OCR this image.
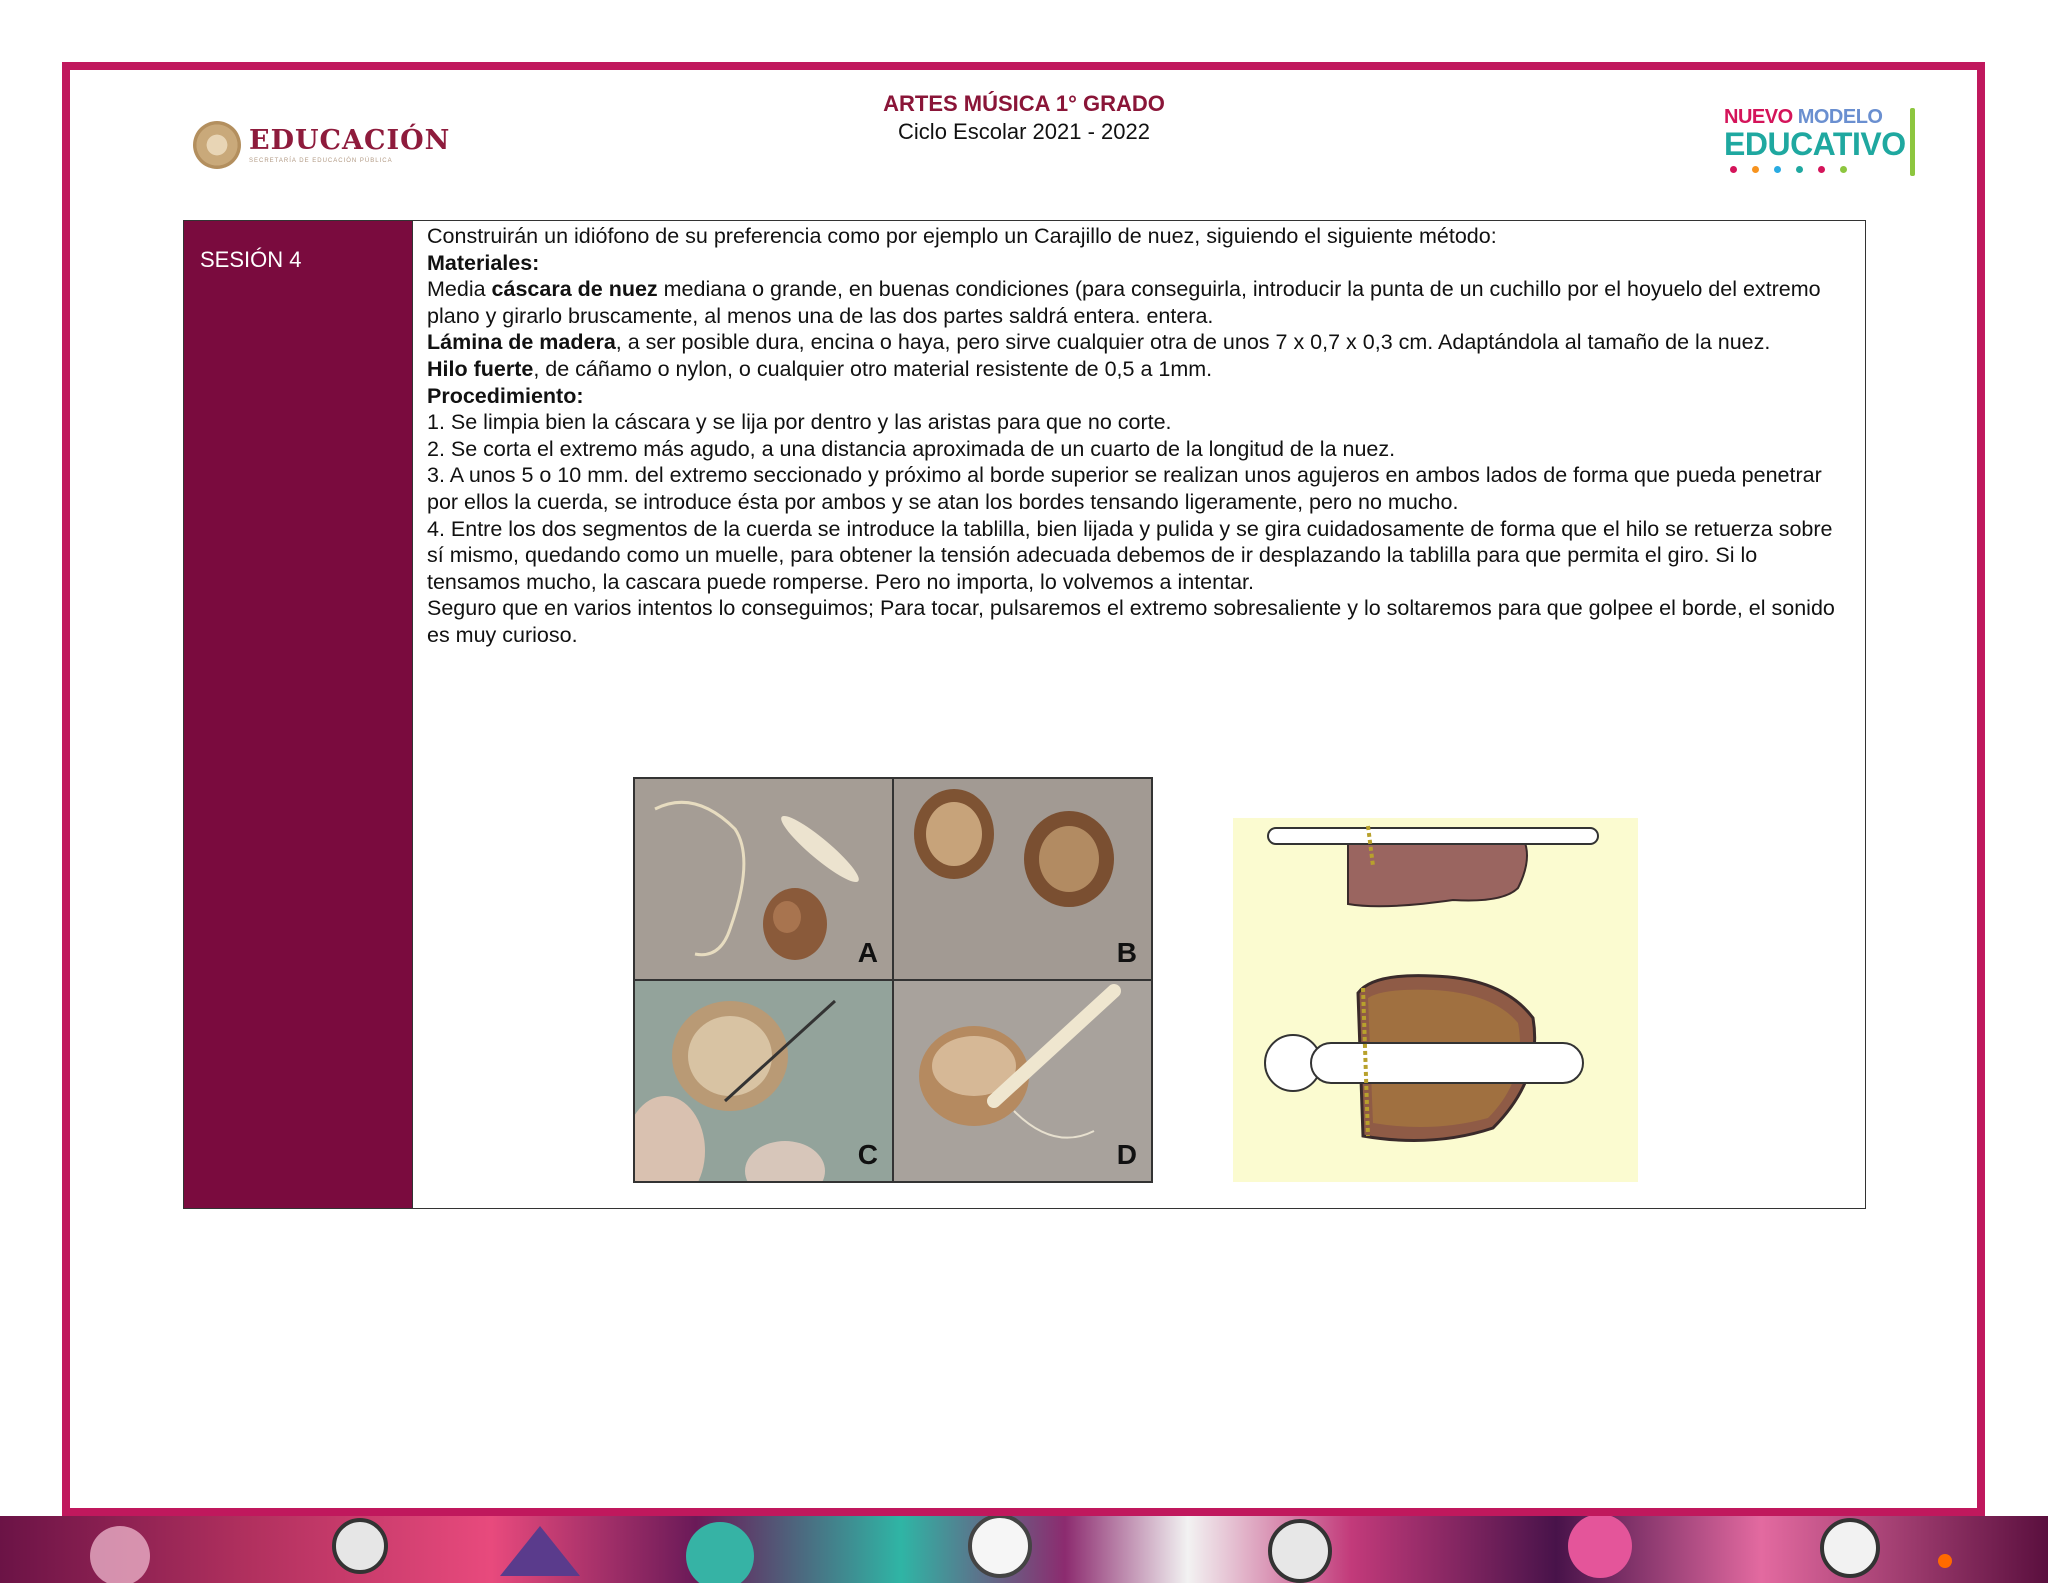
EDUCACIÓN
SECRETARÍA DE EDUCACIÓN PÚBLICA
ARTES MÚSICA 1° GRADO
Ciclo Escolar 2021 - 2022
NUEVO MODELO
EDUCATIVO
SESIÓN 4

Construirán un idiófono de su preferencia como por ejemplo un Carajillo de nuez, siguiendo el siguiente método:

Materiales:

Media cáscara de nuez mediana o grande, en buenas condiciones (para conseguirla, introducir la punta de un cuchillo por el hoyuelo del extremo plano y girarlo bruscamente, al menos una de las dos partes saldrá entera. entera.

Lámina de madera, a ser posible dura, encina o haya, pero sirve cualquier otra de unos 7 x 0,7 x 0,3 cm. Adaptándola al tamaño de la nuez.

Hilo fuerte, de cáñamo o nylon, o cualquier otro material resistente de 0,5 a 1mm.

Procedimiento:

1. Se limpia bien la cáscara y se lija por dentro y las aristas para que no corte.

2. Se corta el extremo más agudo, a una distancia aproximada de un cuarto de la longitud de la nuez.

3. A unos 5 o 10 mm. del extremo seccionado y próximo al borde superior se realizan unos agujeros en ambos lados de forma que pueda penetrar por ellos la cuerda, se introduce ésta por ambos y se atan los bordes tensando ligeramente, pero no mucho.

4. Entre los dos segmentos de la cuerda se introduce la tablilla, bien lijada y pulida y se gira cuidadosamente de forma que el hilo se retuerza sobre sí mismo, quedando como un muelle, para obtener la tensión adecuada debemos de ir desplazando la tablilla para que permita el giro. Si lo tensamos mucho, la cascara puede romperse. Pero no importa, lo volvemos a intentar.

Seguro que en varios intentos lo conseguimos; Para tocar, pulsaremos el extremo sobresaliente y lo soltaremos para que golpee el borde, el sonido es muy curioso.

A	B
C	D
